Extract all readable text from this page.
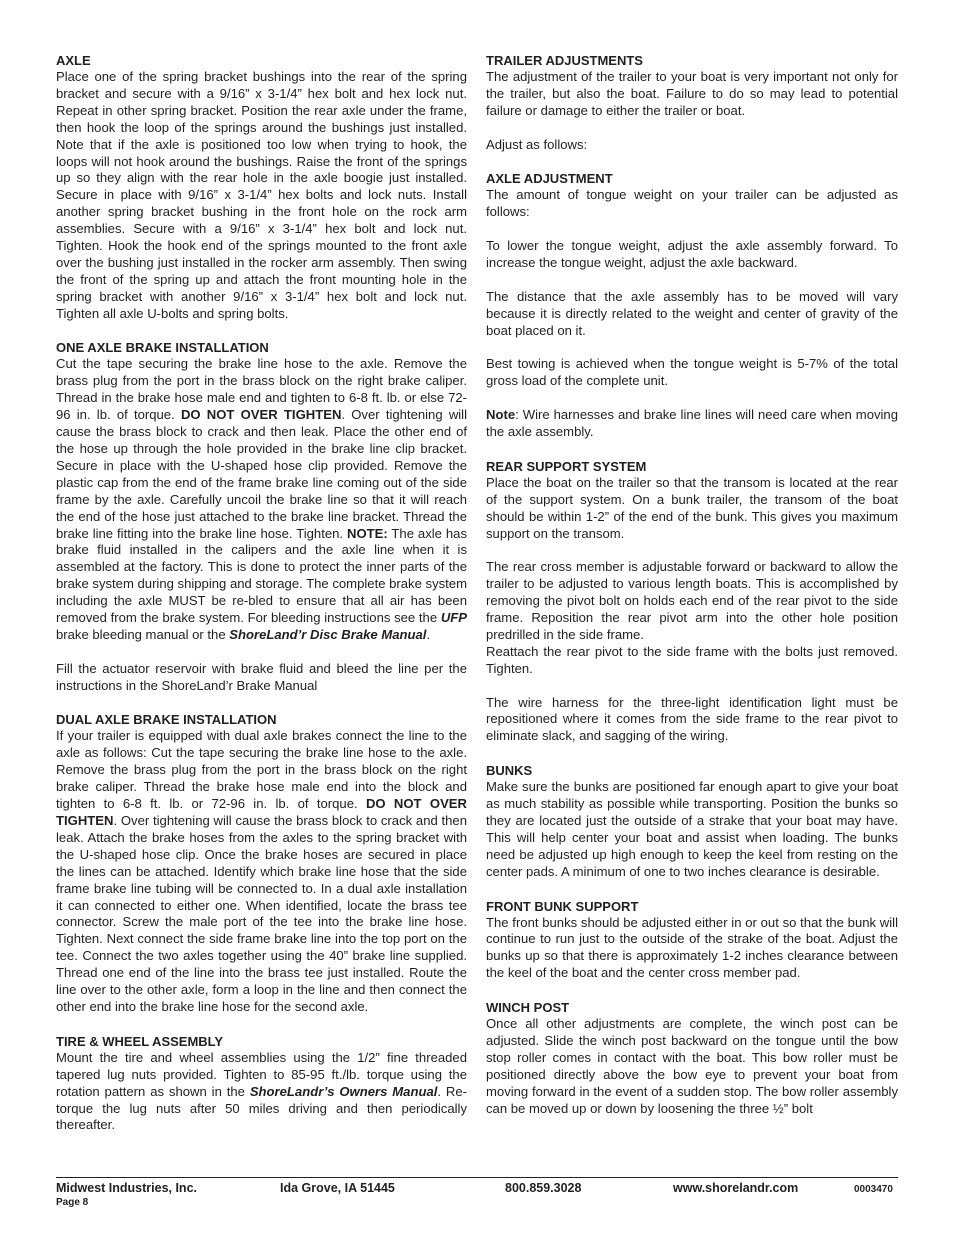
AXLE

Place one of the spring bracket bushings into the rear of the spring bracket and secure with a 9/16” x 3-1/4” hex bolt and hex lock nut. Repeat in other spring bracket. Position the rear axle under the frame, then hook the loop of the springs around the bushings just installed. Note that if the axle is positioned too low when trying to hook, the loops will not hook around the bushings. Raise the front of the springs up so they align with the rear hole in the axle boogie just installed. Secure in place with 9/16” x 3-1/4” hex bolts and lock nuts. Install another spring bracket bushing in the front hole on the rock arm assemblies. Secure with a 9/16” x 3-1/4” hex bolt and lock nut. Tighten. Hook the hook end of the springs mounted to the front axle over the bushing just installed in the rocker arm assembly. Then swing the front of the spring up and attach the front mounting hole in the spring bracket with another 9/16” x 3-1/4” hex bolt and lock nut. Tighten all axle U-bolts and spring bolts.

ONE AXLE BRAKE INSTALLATION

Cut the tape securing the brake line hose to the axle. Remove the brass plug from the port in the brass block on the right brake caliper. Thread in the brake hose male end and tighten to 6-8 ft. lb. or else 72-96 in. lb. of torque. DO NOT OVER TIGHTEN. Over tightening will cause the brass block to crack and then leak. Place the other end of the hose up through the hole provided in the brake line clip bracket. Secure in place with the U-shaped hose clip provided. Remove the plastic cap from the end of the frame brake line coming out of the side frame by the axle. Carefully uncoil the brake line so that it will reach the end of the hose just attached to the brake line bracket. Thread the brake line fitting into the brake line hose. Tighten. NOTE: The axle has brake fluid installed in the calipers and the axle line when it is assembled at the factory. This is done to protect the inner parts of the brake system during shipping and storage. The complete brake system including the axle MUST be re-bled to ensure that all air has been removed from the brake system. For bleeding instructions see the UFP brake bleeding manual or the ShoreLand’r Disc Brake Manual.

Fill the actuator reservoir with brake fluid and bleed the line per the instructions in the ShoreLand’r Brake Manual

DUAL AXLE BRAKE INSTALLATION

If your trailer is equipped with dual axle brakes connect the line to the axle as follows: Cut the tape securing the brake line hose to the axle. Remove the brass plug from the port in the brass block on the right brake caliper. Thread the brake hose male end into the block and tighten to 6-8 ft. lb. or 72-96 in. lb. of torque. DO NOT OVER TIGHTEN. Over tightening will cause the brass block to crack and then leak. Attach the brake hoses from the axles to the spring bracket with the U-shaped hose clip. Once the brake hoses are secured in place the lines can be attached. Identify which brake line hose that the side frame brake line tubing will be connected to. In a dual axle installation it can connected to either one. When identified, locate the brass tee connector. Screw the male port of the tee into the brake line hose. Tighten. Next connect the side frame brake line into the top port on the tee. Connect the two axles together using the 40” brake line supplied. Thread one end of the line into the brass tee just installed. Route the line over to the other axle, form a loop in the line and then connect the other end into the brake line hose for the second axle.

TIRE & WHEEL ASSEMBLY

Mount the tire and wheel assemblies using the 1/2” fine threaded tapered lug nuts provided. Tighten to 85-95 ft./lb. torque using the rotation pattern as shown in the ShoreLandr’s Owners Manual. Re-torque the lug nuts after 50 miles driving and then periodically thereafter.

TRAILER ADJUSTMENTS

The adjustment of the trailer to your boat is very important not only for the trailer, but also the boat. Failure to do so may lead to potential failure or damage to either the trailer or boat.

Adjust as follows:

AXLE ADJUSTMENT

The amount of tongue weight on your trailer can be adjusted as follows:

To lower the tongue weight, adjust the axle assembly forward. To increase the tongue weight, adjust the axle backward.

The distance that the axle assembly has to be moved will vary because it is directly related to the weight and center of gravity of the boat placed on it.

Best towing is achieved when the tongue weight is 5-7% of the total gross load of the complete unit.

Note: Wire harnesses and brake line lines will need care when moving the axle assembly.

REAR SUPPORT SYSTEM

Place the boat on the trailer so that the transom is located at the rear of the support system. On a bunk trailer, the transom of the boat should be within 1-2” of the end of the bunk. This gives you maximum support on the transom.

The rear cross member is adjustable forward or backward to allow the trailer to be adjusted to various length boats. This is accomplished by removing the pivot bolt on holds each end of the rear pivot to the side frame. Reposition the rear pivot arm into the other hole position predrilled in the side frame.

Reattach the rear pivot to the side frame with the bolts just removed. Tighten.

The wire harness for the three-light identification light must be repositioned where it comes from the side frame to the rear pivot to eliminate slack, and sagging of the wiring.

BUNKS

Make sure the bunks are positioned far enough apart to give your boat as much stability as possible while transporting. Position the bunks so they are located just the outside of a strake that your boat may have. This will help center your boat and assist when loading. The bunks need be adjusted up high enough to keep the keel from resting on the center pads. A minimum of one to two inches clearance is desirable.

FRONT BUNK SUPPORT

The front bunks should be adjusted either in or out so that the bunk will continue to run just to the outside of the strake of the boat. Adjust the bunks up so that there is approximately 1-2 inches clearance between the keel of the boat and the center cross member pad.

WINCH POST

Once all other adjustments are complete, the winch post can be adjusted. Slide the winch post backward on the tongue until the bow stop roller comes in contact with the boat. This bow roller must be positioned directly above the bow eye to prevent your boat from moving forward in the event of a sudden stop. The bow roller assembly can be moved up or down by loosening the three ½” bolt

Midwest Industries, Inc.	Ida Grove, IA 51445	800.859.3028	www.shorelandr.com	0003470
Page 8
